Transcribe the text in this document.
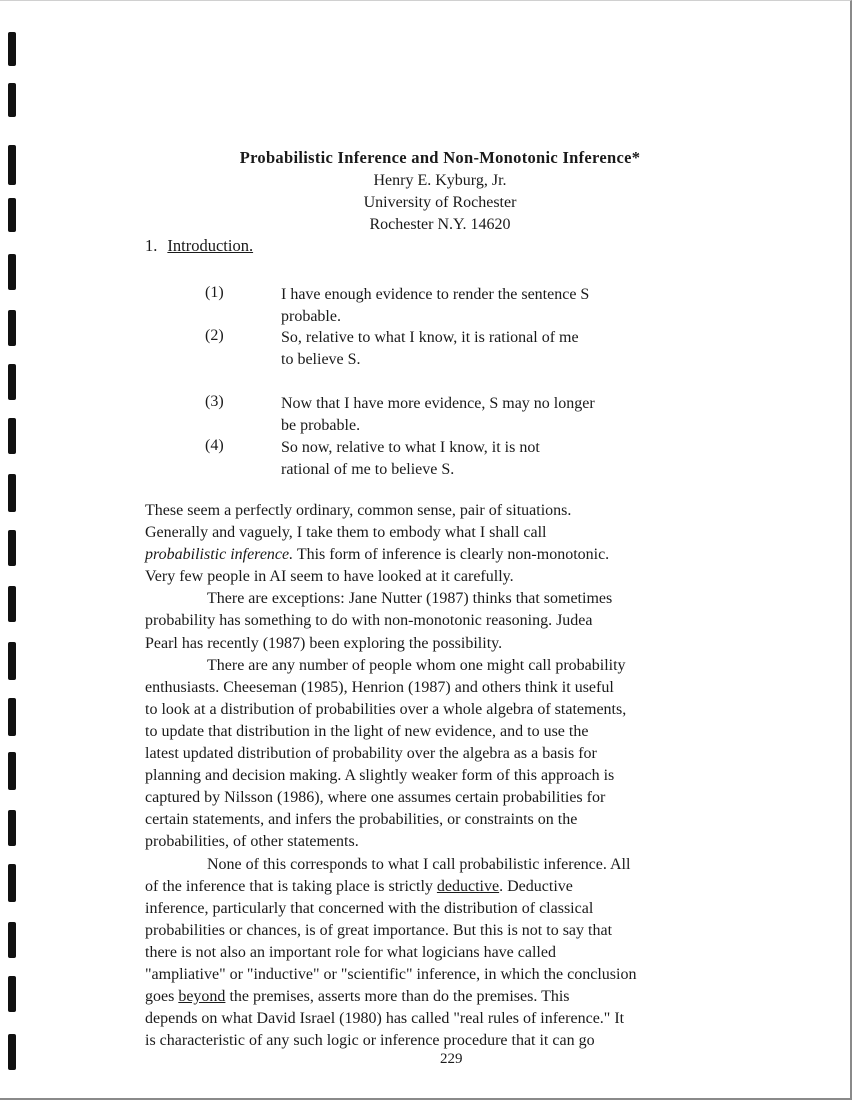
Probabilistic Inference and Non-Monotonic Inference*
Henry E. Kyburg, Jr.
University of Rochester
Rochester N.Y. 14620
1. Introduction.
(1)	I have enough evidence to render the sentence S
probable.
(2)	So, relative to what I know, it is rational of me
to believe S.
(3)	Now that I have more evidence, S may no longer
be probable.
(4)	So now, relative to what I know, it is not
rational of me to believe S.

These seem a perfectly ordinary, common sense, pair of situations.
Generally and vaguely, I take them to embody what I shall call
probabilistic inference. This form of inference is clearly non-monotonic.
Very few people in AI seem to have looked at it carefully.

There are exceptions: Jane Nutter (1987) thinks that sometimes
probability has something to do with non-monotonic reasoning. Judea
Pearl has recently (1987) been exploring the possibility.

There are any number of people whom one might call probability
enthusiasts. Cheeseman (1985), Henrion (1987) and others think it useful
to look at a distribution of probabilities over a whole algebra of statements,
to update that distribution in the light of new evidence, and to use the
latest updated distribution of probability over the algebra as a basis for
planning and decision making. A slightly weaker form of this approach is
captured by Nilsson (1986), where one assumes certain probabilities for
certain statements, and infers the probabilities, or constraints on the
probabilities, of other statements.

None of this corresponds to what I call probabilistic inference. All
of the inference that is taking place is strictly deductive. Deductive
inference, particularly that concerned with the distribution of classical
probabilities or chances, is of great importance. But this is not to say that
there is not also an important role for what logicians have called
"ampliative" or "inductive" or "scientific" inference, in which the conclusion
goes beyond the premises, asserts more than do the premises. This
depends on what David Israel (1980) has called "real rules of inference." It
is characteristic of any such logic or inference procedure that it can go

229
